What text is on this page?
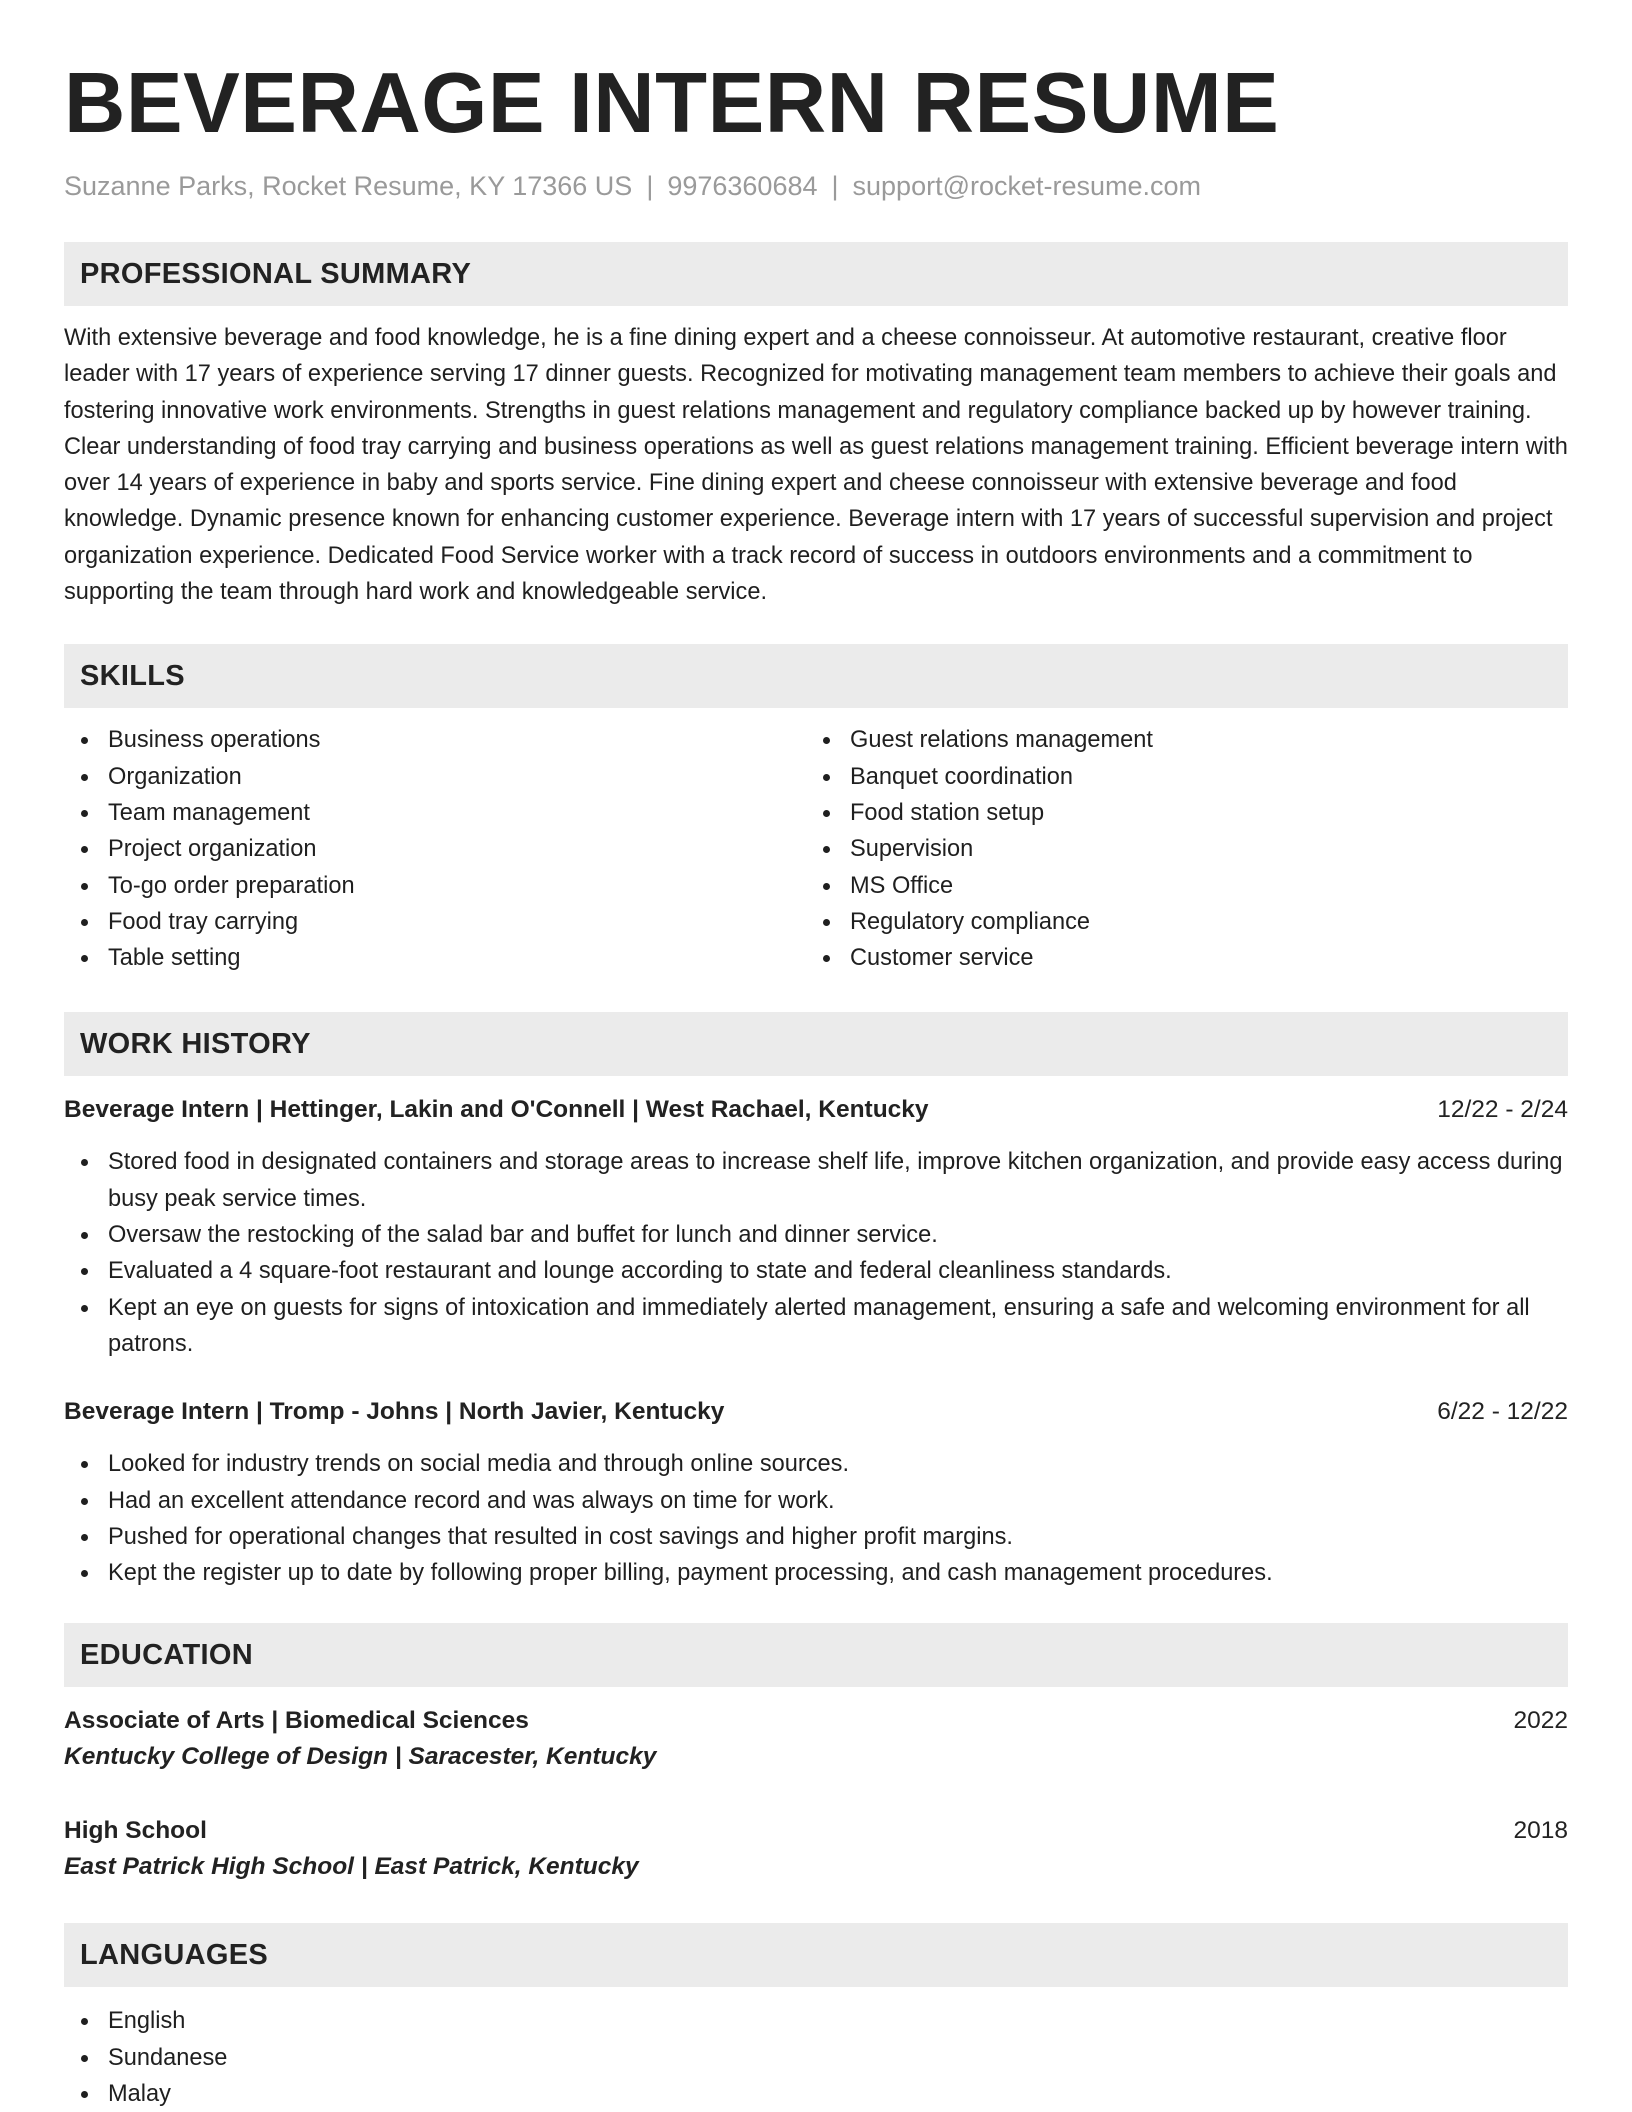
BEVERAGE INTERN RESUME
Suzanne Parks, Rocket Resume, KY 17366 US | 9976360684 | support@rocket-resume.com
PROFESSIONAL SUMMARY

With extensive beverage and food knowledge, he is a fine dining expert and a cheese connoisseur. At automotive restaurant, creative floor leader with 17 years of experience serving 17 dinner guests. Recognized for motivating management team members to achieve their goals and fostering innovative work environments. Strengths in guest relations management and regulatory compliance backed up by however training. Clear understanding of food tray carrying and business operations as well as guest relations management training. Efficient beverage intern with over 14 years of experience in baby and sports service. Fine dining expert and cheese connoisseur with extensive beverage and food knowledge. Dynamic presence known for enhancing customer experience. Beverage intern with 17 years of successful supervision and project organization experience. Dedicated Food Service worker with a track record of success in outdoors environments and a commitment to supporting the team through hard work and knowledgeable service.

SKILLS
Business operations
Organization
Team management
Project organization
To-go order preparation
Food tray carrying
Table setting
Guest relations management
Banquet coordination
Food station setup
Supervision
MS Office
Regulatory compliance
Customer service
WORK HISTORY
Beverage Intern | Hettinger, Lakin and O'Connell | West Rachael, Kentucky	12/22 - 2/24
Stored food in designated containers and storage areas to increase shelf life, improve kitchen organization, and provide easy access during busy peak service times.
Oversaw the restocking of the salad bar and buffet for lunch and dinner service.
Evaluated a 4 square-foot restaurant and lounge according to state and federal cleanliness standards.
Kept an eye on guests for signs of intoxication and immediately alerted management, ensuring a safe and welcoming environment for all patrons.
Beverage Intern | Tromp - Johns | North Javier, Kentucky	6/22 - 12/22
Looked for industry trends on social media and through online sources.
Had an excellent attendance record and was always on time for work.
Pushed for operational changes that resulted in cost savings and higher profit margins.
Kept the register up to date by following proper billing, payment processing, and cash management procedures.
EDUCATION
Associate of Arts | Biomedical Sciences	2022
Kentucky College of Design | Saracester, Kentucky
High School	2018
East Patrick High School | East Patrick, Kentucky
LANGUAGES
English
Sundanese
Malay
